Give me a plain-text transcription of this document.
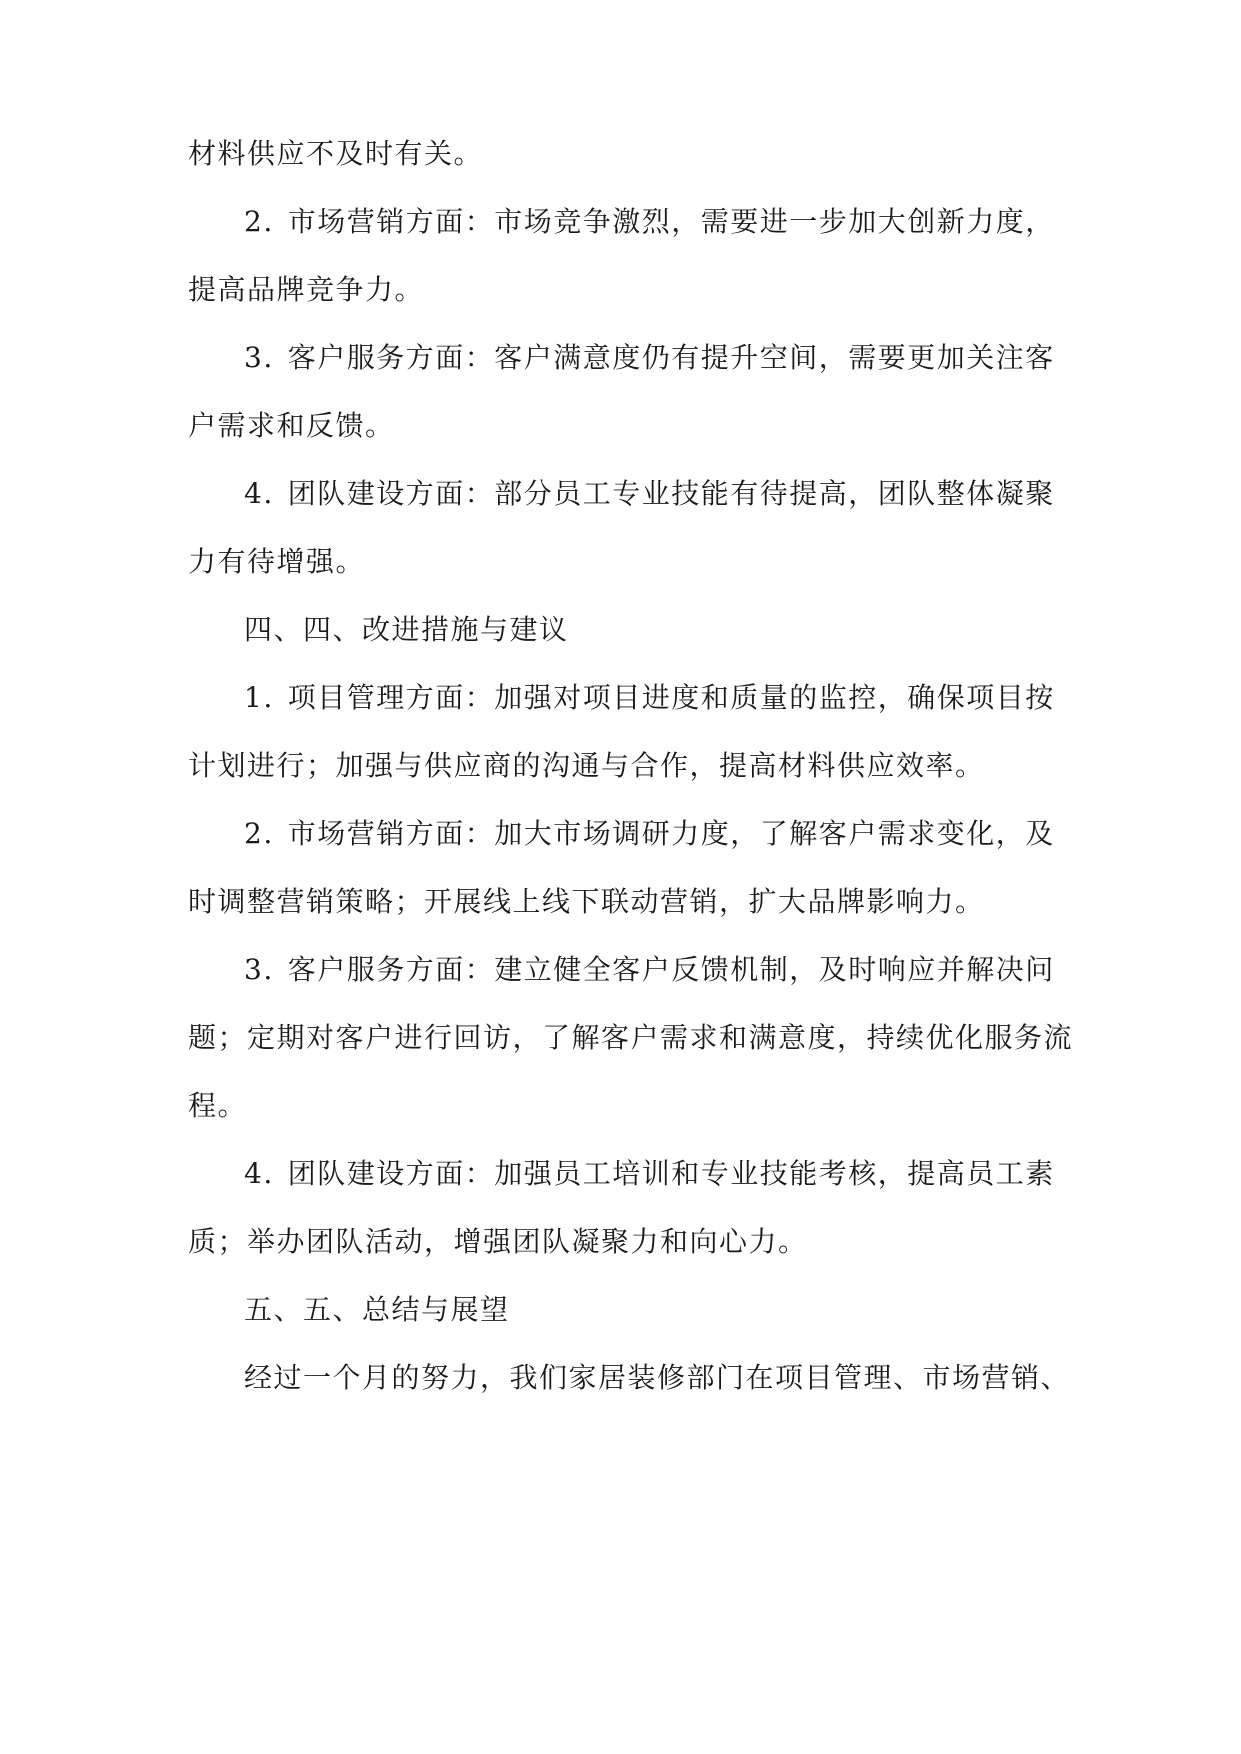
材料供应不及时有关。
2. 市场营销方面：市场竞争激烈，需要进一步加大创新力度，
提高品牌竞争力。
3. 客户服务方面：客户满意度仍有提升空间，需要更加关注客
户需求和反馈。
4. 团队建设方面：部分员工专业技能有待提高，团队整体凝聚
力有待增强。
四、四、改进措施与建议
1. 项目管理方面：加强对项目进度和质量的监控，确保项目按
计划进行；加强与供应商的沟通与合作，提高材料供应效率。
2. 市场营销方面：加大市场调研力度，了解客户需求变化，及
时调整营销策略；开展线上线下联动营销，扩大品牌影响力。
3. 客户服务方面：建立健全客户反馈机制，及时响应并解决问
题；定期对客户进行回访，了解客户需求和满意度，持续优化服务流
程。
4. 团队建设方面：加强员工培训和专业技能考核，提高员工素
质；举办团队活动，增强团队凝聚力和向心力。
五、五、总结与展望
经过一个月的努力，我们家居装修部门在项目管理、市场营销、
